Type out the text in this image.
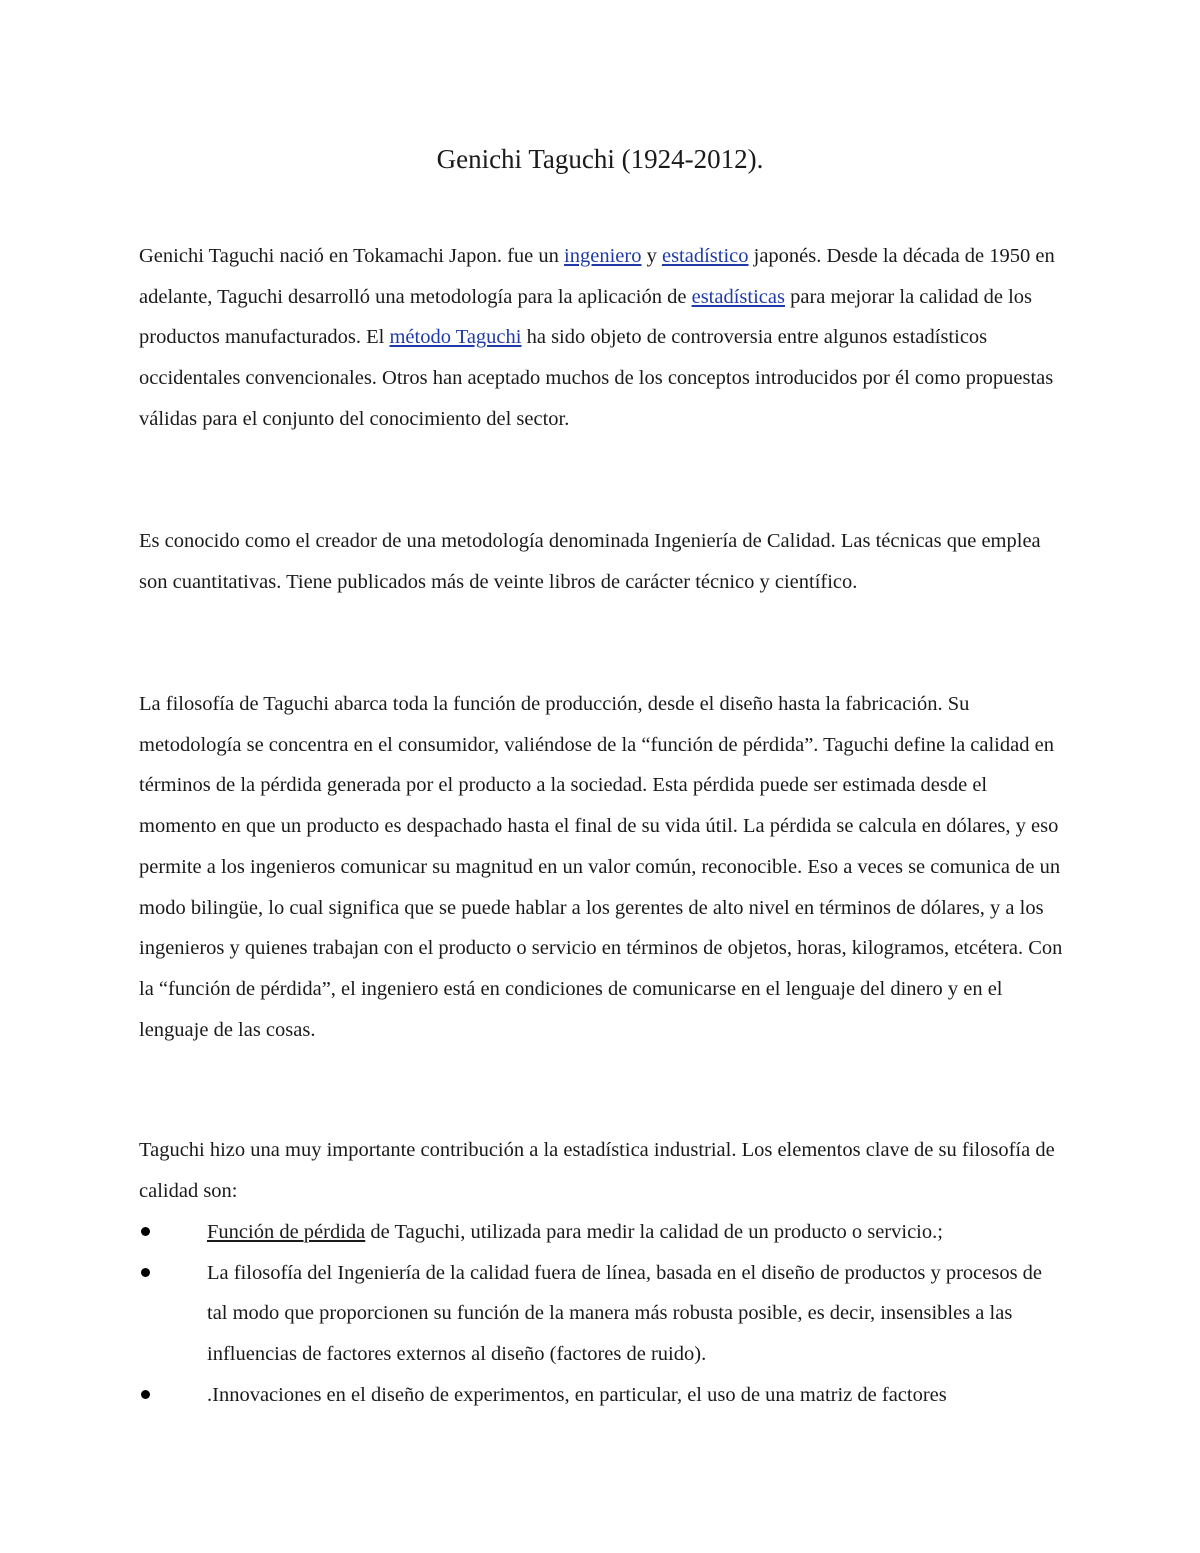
Genichi Taguchi (1924-2012).

Genichi Taguchi nació en Tokamachi Japon. fue un ingeniero y estadístico japonés. Desde la década de 1950 en adelante, Taguchi desarrolló una metodología para la aplicación de estadísticas para mejorar la calidad de los productos manufacturados. El método Taguchi ha sido objeto de controversia entre algunos estadísticos occidentales convencionales. Otros han aceptado muchos de los conceptos introducidos por él como propuestas válidas para el conjunto del conocimiento del sector.

Es conocido como el creador de una metodología denominada Ingeniería de Calidad. Las técnicas que emplea son cuantitativas. Tiene publicados más de veinte libros de carácter técnico y científico.

La filosofía de Taguchi abarca toda la función de producción, desde el diseño hasta la fabricación. Su metodología se concentra en el consumidor, valiéndose de la “función de pérdida”. Taguchi define la calidad en términos de la pérdida generada por el producto a la sociedad. Esta pérdida puede ser estimada desde el momento en que un producto es despachado hasta el final de su vida útil. La pérdida se calcula en dólares, y eso permite a los ingenieros comunicar su magnitud en un valor común, reconocible. Eso a veces se comunica de un modo bilingüe, lo cual significa que se puede hablar a los gerentes de alto nivel en términos de dólares, y a los ingenieros y quienes trabajan con el producto o servicio en términos de objetos, horas, kilogramos, etcétera. Con la “función de pérdida”, el ingeniero está en condiciones de comunicarse en el lenguaje del dinero y en el lenguaje de las cosas.

Taguchi hizo una muy importante contribución a la estadística industrial. Los elementos clave de su filosofía de calidad son:

Función de pérdida de Taguchi, utilizada para medir la calidad de un producto o servicio.;
La filosofía del Ingeniería de la calidad fuera de línea, basada en el diseño de productos y procesos de tal modo que proporcionen su función de la manera más robusta posible, es decir, insensibles a las influencias de factores externos al diseño (factores de ruido).
.Innovaciones en el diseño de experimentos, en particular, el uso de una matriz de factores
